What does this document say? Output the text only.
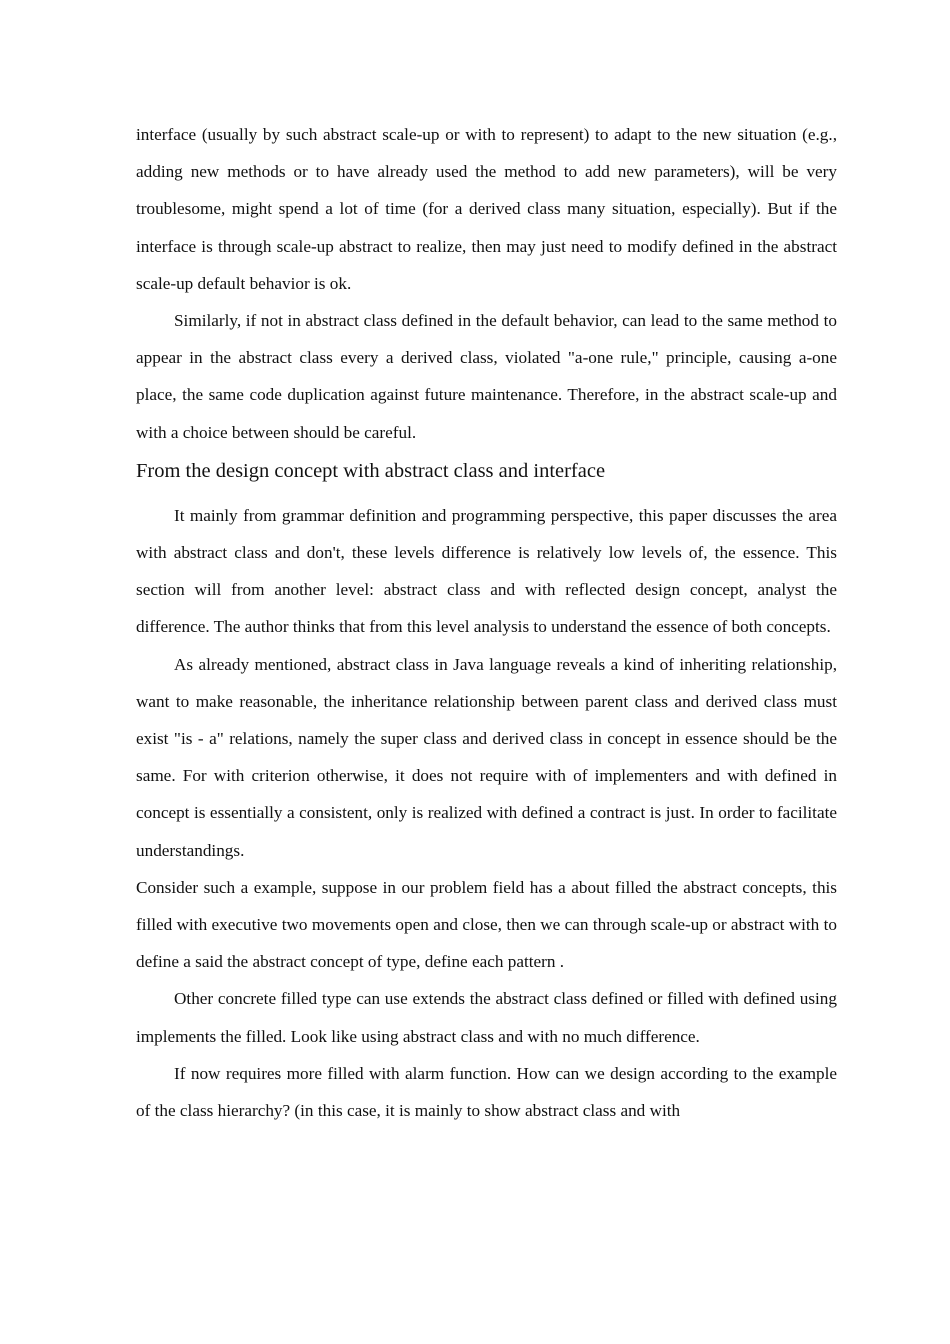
interface (usually by such abstract scale-up or with to represent) to adapt to the new situation (e.g., adding new methods or to have already used the method to add new parameters), will be very troublesome, might spend a lot of time (for a derived class many situation, especially). But if the interface is through scale-up abstract to realize, then may just need to modify defined in the abstract scale-up default behavior is ok.

Similarly, if not in abstract class defined in the default behavior, can lead to the same method to appear in the abstract class every a derived class, violated "a-one rule," principle, causing a-one place, the same code duplication against future maintenance. Therefore, in the abstract scale-up and with a choice between should be careful.

From the design concept with abstract class and interface

It mainly from grammar definition and programming perspective, this paper discusses the area with abstract class and don't, these levels difference is relatively low levels of, the essence. This section will from another level: abstract class and with reflected design concept, analyst the difference. The author thinks that from this level analysis to understand the essence of both concepts.

As already mentioned, abstract class in Java language reveals a kind of inheriting relationship, want to make reasonable, the inheritance relationship between parent class and derived class must exist "is - a" relations, namely the super class and derived class in concept in essence should be the same. For with criterion otherwise, it does not require with of implementers and with defined in concept is essentially a consistent, only is realized with defined a contract is just. In order to facilitate understandings.

Consider such a example, suppose in our problem field has a about filled the abstract concepts, this filled with executive two movements open and close, then we can through scale-up or abstract with to define a said the abstract concept of type, define each pattern .

Other concrete filled type can use extends the abstract class defined or filled with defined using implements the filled. Look like using abstract class and with no much difference.

If now requires more filled with alarm function. How can we design according to the example of the class hierarchy? (in this case, it is mainly to show abstract class and with
